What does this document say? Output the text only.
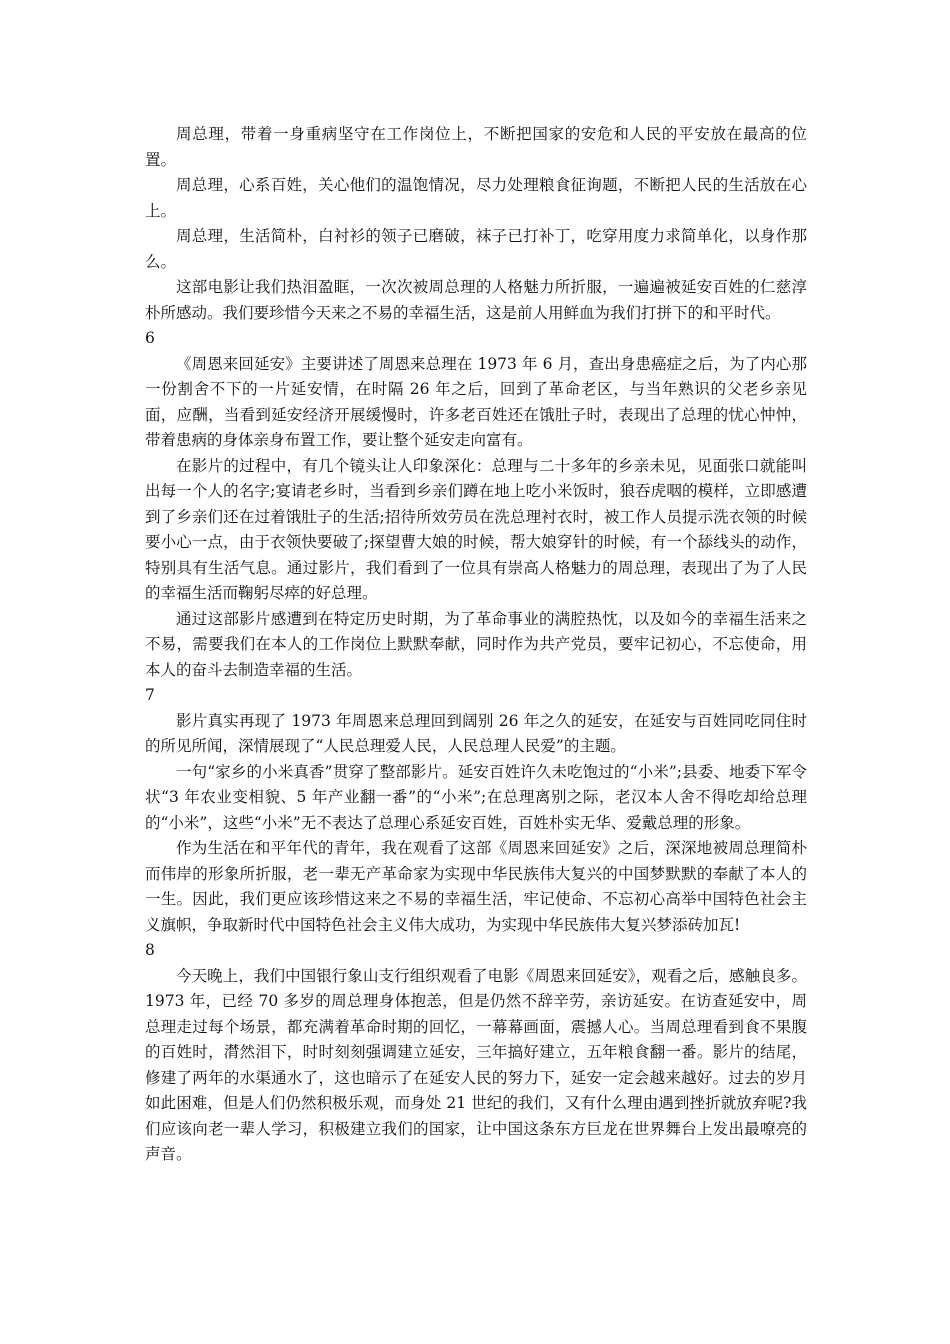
周总理，带着一身重病坚守在工作岗位上，不断把国家的安危和人民的平安放在最高的位置。

周总理，心系百姓，关心他们的温饱情况，尽力处理粮食征询题，不断把人民的生活放在心上。

周总理，生活简朴，白衬衫的领子已磨破，袜子已打补丁，吃穿用度力求简单化，以身作那么。

这部电影让我们热泪盈眶，一次次被周总理的人格魅力所折服，一遍遍被延安百姓的仁慈淳朴所感动。我们要珍惜今天来之不易的幸福生活，这是前人用鲜血为我们打拼下的和平时代。

6

《周恩来回延安》主要讲述了周恩来总理在 1973 年 6 月，查出身患癌症之后，为了内心那一份割舍不下的一片延安情，在时隔 26 年之后，回到了革命老区，与当年熟识的父老乡亲见面，应酬，当看到延安经济开展缓慢时，许多老百姓还在饿肚子时，表现出了总理的忧心忡忡，带着患病的身体亲身布置工作，要让整个延安走向富有。

在影片的过程中，有几个镜头让人印象深化：总理与二十多年的乡亲未见，见面张口就能叫出每一个人的名字;宴请老乡时，当看到乡亲们蹲在地上吃小米饭时，狼吞虎咽的模样，立即感遭到了乡亲们还在过着饿肚子的生活;招待所效劳员在洗总理衬衣时，被工作人员提示洗衣领的时候要小心一点，由于衣领快要破了;探望曹大娘的时候，帮大娘穿针的时候，有一个舔线头的动作，特别具有生活气息。通过影片，我们看到了一位具有崇高人格魅力的周总理，表现出了为了人民的幸福生活而鞠躬尽瘁的好总理。

通过这部影片感遭到在特定历史时期，为了革命事业的满腔热忱，以及如今的幸福生活来之不易，需要我们在本人的工作岗位上默默奉献，同时作为共产党员，要牢记初心，不忘使命，用本人的奋斗去制造幸福的生活。

7

影片真实再现了 1973 年周恩来总理回到阔别 26 年之久的延安，在延安与百姓同吃同住时的所见所闻，深情展现了“人民总理爱人民，人民总理人民爱”的主题。

一句“家乡的小米真香”贯穿了整部影片。延安百姓许久未吃饱过的“小米”;县委、地委下军令状“3 年农业变相貌、5 年产业翻一番”的“小米”;在总理离别之际，老汉本人舍不得吃却给总理的“小米”，这些“小米”无不表达了总理心系延安百姓，百姓朴实无华、爱戴总理的形象。

作为生活在和平年代的青年，我在观看了这部《周恩来回延安》之后，深深地被周总理简朴而伟岸的形象所折服，老一辈无产革命家为实现中华民族伟大复兴的中国梦默默的奉献了本人的一生。因此，我们更应该珍惜这来之不易的幸福生活，牢记使命、不忘初心高举中国特色社会主义旗帜，争取新时代中国特色社会主义伟大成功，为实现中华民族伟大复兴梦添砖加瓦!

8

今天晚上，我们中国银行象山支行组织观看了电影《周恩来回延安》，观看之后，感触良多。1973 年，已经 70 多岁的周总理身体抱恙，但是仍然不辞辛劳，亲访延安。在访查延安中，周总理走过每个场景，都充满着革命时期的回忆，一幕幕画面，震撼人心。当周总理看到食不果腹的百姓时，潸然泪下，时时刻刻强调建立延安，三年搞好建立，五年粮食翻一番。影片的结尾，修建了两年的水渠通水了，这也暗示了在延安人民的努力下，延安一定会越来越好。过去的岁月如此困难，但是人们仍然积极乐观，而身处 21 世纪的我们，又有什么理由遇到挫折就放弃呢?我们应该向老一辈人学习，积极建立我们的国家，让中国这条东方巨龙在世界舞台上发出最嘹亮的声音。
